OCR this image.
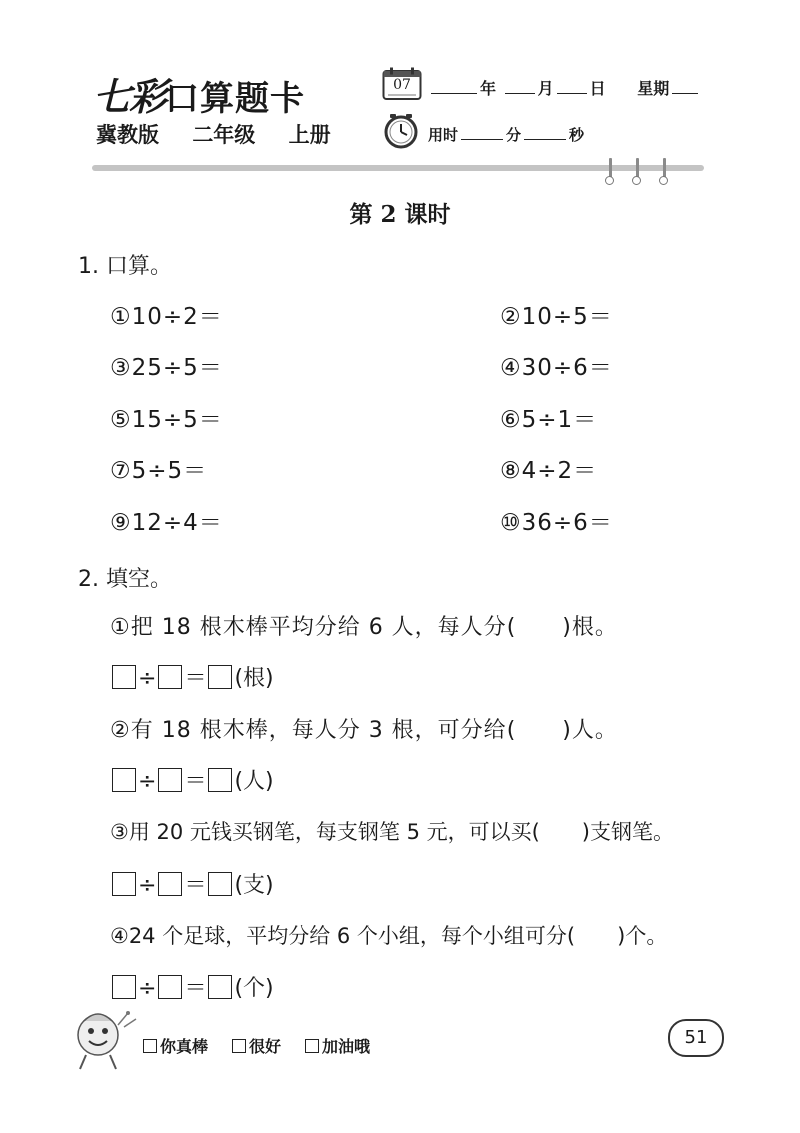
七彩口算题卡
冀教版 二年级 上册
07	年	月 日 星期
用时	分	秒
第 2 课时
1. 口算。
①10÷2＝	②10÷5＝
③25÷5＝	④30÷6＝
⑤15÷5＝	⑥5÷1＝
⑦5÷5＝	⑧4÷2＝
⑨12÷4＝	⑩36÷6＝
2. 填空。
①把 18 根木棒平均分给 6 人，每人分(　　)根。
÷ ＝ (根)
②有 18 根木棒，每人分 3 根，可分给(　　)人。
÷ ＝ (人)
③用 20 元钱买钢笔，每支钢笔 5 元，可以买(　　)支钢笔。
÷ ＝ (支)
④24 个足球，平均分给 6 个小组，每个小组可分(　　)个。
÷ ＝ (个)
你真棒	很好	加油哦	51
